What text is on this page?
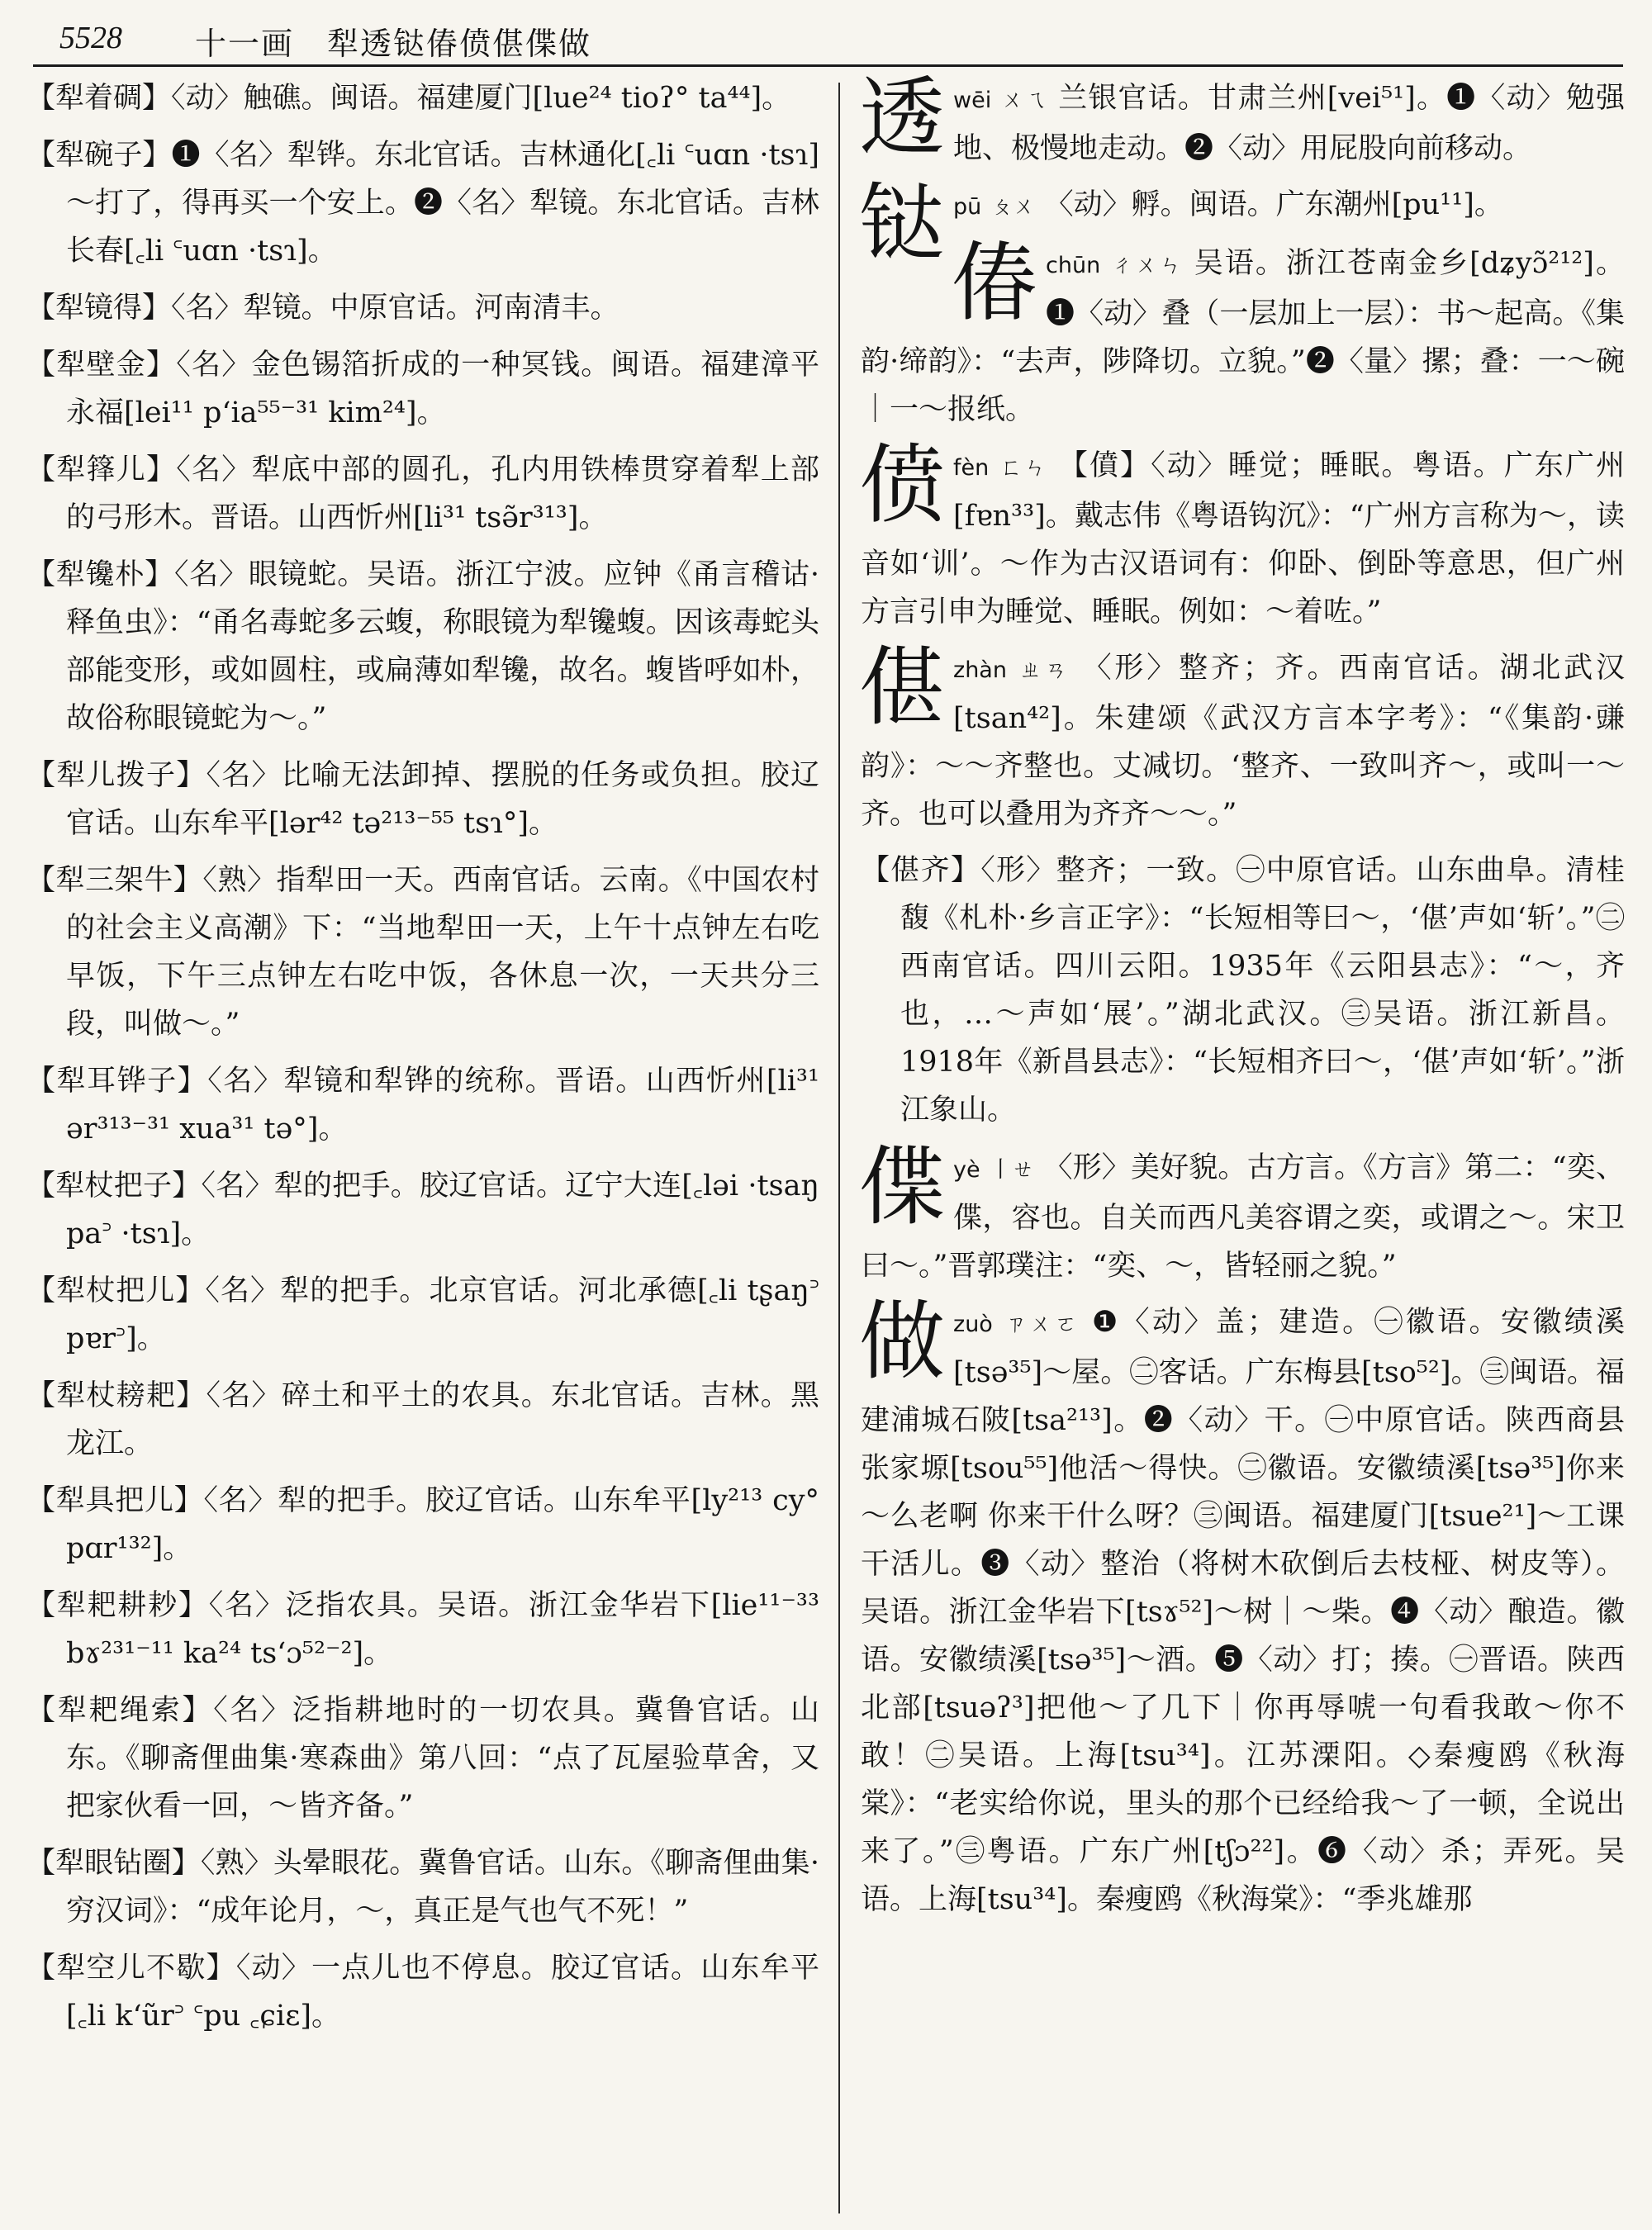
5528 十一画　犁透𫟼偆偾偡偞做

【犁着碉】〈动〉触礁。闽语。福建厦门[lue²⁴ tioʔ° ta⁴⁴]。

【犁碗子】❶〈名〉犁铧。东北官话。吉林通化[꜀li ꜂uɑn ·tsɿ]～打了，得再买一个安上。❷〈名〉犁镜。东北官话。吉林长春[꜀li ꜂uɑn ·tsɿ]。

【犁镜得】〈名〉犁镜。中原官话。河南清丰。

【犁壁金】〈名〉金色锡箔折成的一种冥钱。闽语。福建漳平永福[lei¹¹ pʻia⁵⁵⁻³¹ kim²⁴]。

【犁箨儿】〈名〉犁底中部的圆孔，孔内用铁棒贯穿着犁上部的弓形木。晋语。山西忻州[li³¹ tsə̃r³¹³]。

【犁镵朴】〈名〉眼镜蛇。吴语。浙江宁波。应钟《甬言稽诂·释鱼虫》：“甬名毒蛇多云蝮，称眼镜为犁镵蝮。因该毒蛇头部能变形，或如圆柱，或扁薄如犁镵，故名。蝮皆呼如朴，故俗称眼镜蛇为～。”

【犁儿拨子】〈名〉比喻无法卸掉、摆脱的任务或负担。胶辽官话。山东牟平[lər⁴² tə²¹³⁻⁵⁵ tsɿ°]。

【犁三架牛】〈熟〉指犁田一天。西南官话。云南。《中国农村的社会主义高潮》下：“当地犁田一天，上午十点钟左右吃早饭，下午三点钟左右吃中饭，各休息一次，一天共分三段，叫做～。”

【犁耳铧子】〈名〉犁镜和犁铧的统称。晋语。山西忻州[li³¹ ər³¹³⁻³¹ xua³¹ tə°]。

【犁杖把子】〈名〉犁的把手。胶辽官话。辽宁大连[꜀ləi ·tsaŋ pa꜄ ·tsɿ]。

【犁杖把儿】〈名〉犁的把手。北京官话。河北承德[꜀li tʂaŋ꜄ pɐr꜄]。

【犁杖耪耙】〈名〉碎土和平土的农具。东北官话。吉林。黑龙江。

【犁具把儿】〈名〉犁的把手。胶辽官话。山东牟平[ly²¹³ cy° pɑr¹³²]。

【犁耙耕耖】〈名〉泛指农具。吴语。浙江金华岩下[lie¹¹⁻³³ bɤ²³¹⁻¹¹ ka²⁴ tsʻɔ⁵²⁻²]。

【犁耙绳索】〈名〉泛指耕地时的一切农具。冀鲁官话。山东。《聊斋俚曲集·寒森曲》第八回：“点了瓦屋验草舍，又把家伙看一回，～皆齐备。”

【犁眼钻圈】〈熟〉头晕眼花。冀鲁官话。山东。《聊斋俚曲集·穷汉词》：“成年论月，～，真正是气也气不死！”

【犁空儿不歇】〈动〉一点儿也不停息。胶辽官话。山东牟平[꜀li kʻũr꜄ ꜂pu ꜀ɕiɛ]。

透 wēi ㄨㄟ 兰银官话。甘肃兰州[vei⁵¹]。❶〈动〉勉强地、极慢地走动。❷〈动〉用屁股向前移动。
𫟼 pū ㄆㄨ 〈动〉孵。闽语。广东潮州[pu¹¹]。
偆 chūn ㄔㄨㄣ 吴语。浙江苍南金乡[dʑyɔ̃²¹²]。❶〈动〉叠（一层加上一层）：书～起高。《集韵·缔韵》：“去声，陟降切。立貌。”❷〈量〉摞；叠：一～碗｜一～报纸。
偾 fèn ㄈㄣ 【僨】〈动〉睡觉；睡眠。粤语。广东广州[fɐn³³]。戴志伟《粤语钩沉》：“广州方言称为～，读音如‘训’。～作为古汉语词有：仰卧、倒卧等意思，但广州方言引申为睡觉、睡眠。例如：～着咗。”
偡 zhàn ㄓㄢ 〈形〉整齐；齐。西南官话。湖北武汉[tsan⁴²]。朱建颂《武汉方言本字考》：“《集韵·豏韵》：～～齐整也。丈减切。‘整齐、一致叫齐～，或叫一～齐。也可以叠用为齐齐～～。”

【偡齐】〈形〉整齐；一致。㊀中原官话。山东曲阜。清桂馥《札朴·乡言正字》：“长短相等曰～，‘偡’声如‘斩’。”㊁西南官话。四川云阳。1935年《云阳县志》：“～，齐也，…～声如‘展’。”湖北武汉。㊂吴语。浙江新昌。1918年《新昌县志》：“长短相齐曰～，‘偡’声如‘斩’。”浙江象山。

偞 yè 丨ㄝ 〈形〉美好貌。古方言。《方言》第二：“奕、偞，容也。自关而西凡美容谓之奕，或谓之～。宋卫曰～。”晋郭璞注：“奕、～，皆轻丽之貌。”
做 zuò ㄗㄨㄛ ❶〈动〉盖；建造。㊀徽语。安徽绩溪[tsə³⁵]～屋。㊁客话。广东梅县[tso⁵²]。㊂闽语。福建浦城石陂[tsa²¹³]。❷〈动〉干。㊀中原官话。陕西商县张家塬[tsou⁵⁵]他活～得快。㊁徽语。安徽绩溪[tsə³⁵]你来～么老啊 你来干什么呀？㊂闽语。福建厦门[tsue²¹]～工课干活儿。❸〈动〉整治（将树木砍倒后去枝桠、树皮等）。吴语。浙江金华岩下[tsɤ⁵²]～树｜～柴。❹〈动〉酿造。徽语。安徽绩溪[tsə³⁵]～酒。❺〈动〉打；揍。㊀晋语。陕西北部[tsuəʔ³]把他～了几下｜你再辱唬一句看我敢～你不敢！㊁吴语。上海[tsu³⁴]。江苏溧阳。◇秦瘦鸥《秋海棠》：“老实给你说，里头的那个已经给我～了一顿，全说出来了。”㊂粤语。广东广州[tʃɔ²²]。❻〈动〉杀；弄死。吴语。上海[tsu³⁴]。秦瘦鸥《秋海棠》：“季兆雄那
